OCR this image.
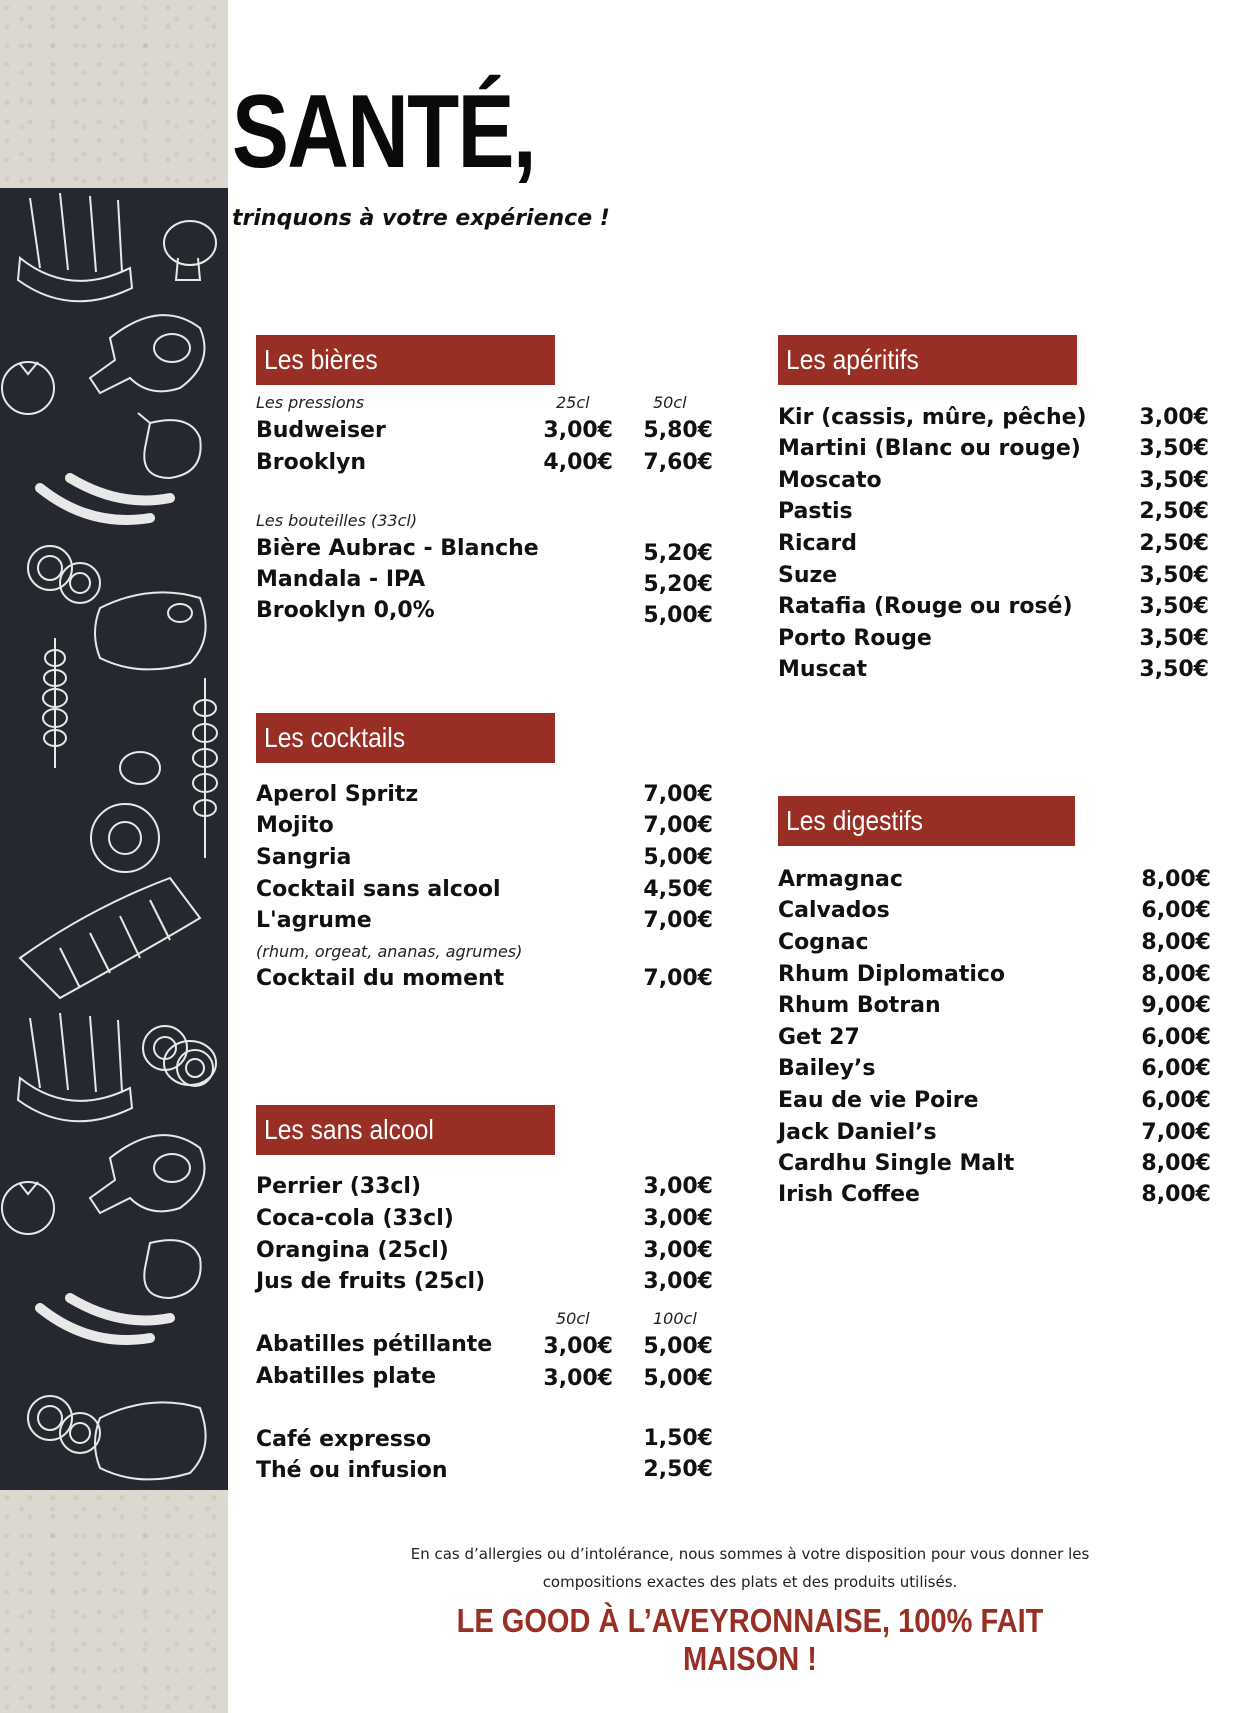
SANTÉ,
trinquons à votre expérience !
Les bières
Les pressions	25cl	50cl
Budweiser	3,00€	5,80€
Brooklyn	4,00€	7,60€
Les bouteilles (33cl)
Bière Aubrac - Blanche	5,20€
Mandala - IPA	5,20€
Brooklyn 0,0%	5,00€
Les cocktails
Aperol Spritz	7,00€
Mojito	7,00€
Sangria	5,00€
Cocktail sans alcool	4,50€
L'agrume	7,00€
(rhum, orgeat, ananas, agrumes)
Cocktail du moment	7,00€
Les sans alcool
Perrier (33cl)	3,00€
Coca-cola (33cl)	3,00€
Orangina (25cl)	3,00€
Jus de fruits (25cl)	3,00€
50cl	100cl
Abatilles pétillante	3,00€	5,00€
Abatilles plate	3,00€	5,00€
Café expresso	1,50€
Thé ou infusion	2,50€
Les apéritifs
Kir (cassis, mûre, pêche)	3,00€
Martini (Blanc ou rouge)	3,50€
Moscato	3,50€
Pastis	2,50€
Ricard	2,50€
Suze	3,50€
Ratafia (Rouge ou rosé)	3,50€
Porto Rouge	3,50€
Muscat	3,50€
Les digestifs
Armagnac	8,00€
Calvados	6,00€
Cognac	8,00€
Rhum Diplomatico	8,00€
Rhum Botran	9,00€
Get 27	6,00€
Bailey’s	6,00€
Eau de vie Poire	6,00€
Jack Daniel’s	7,00€
Cardhu Single Malt	8,00€
Irish Coffee	8,00€
En cas d’allergies ou d’intolérance, nous sommes à votre disposition pour vous donner les
compositions exactes des plats et des produits utilisés.
LE GOOD À L’AVEYRONNAISE, 100% FAIT MAISON !
